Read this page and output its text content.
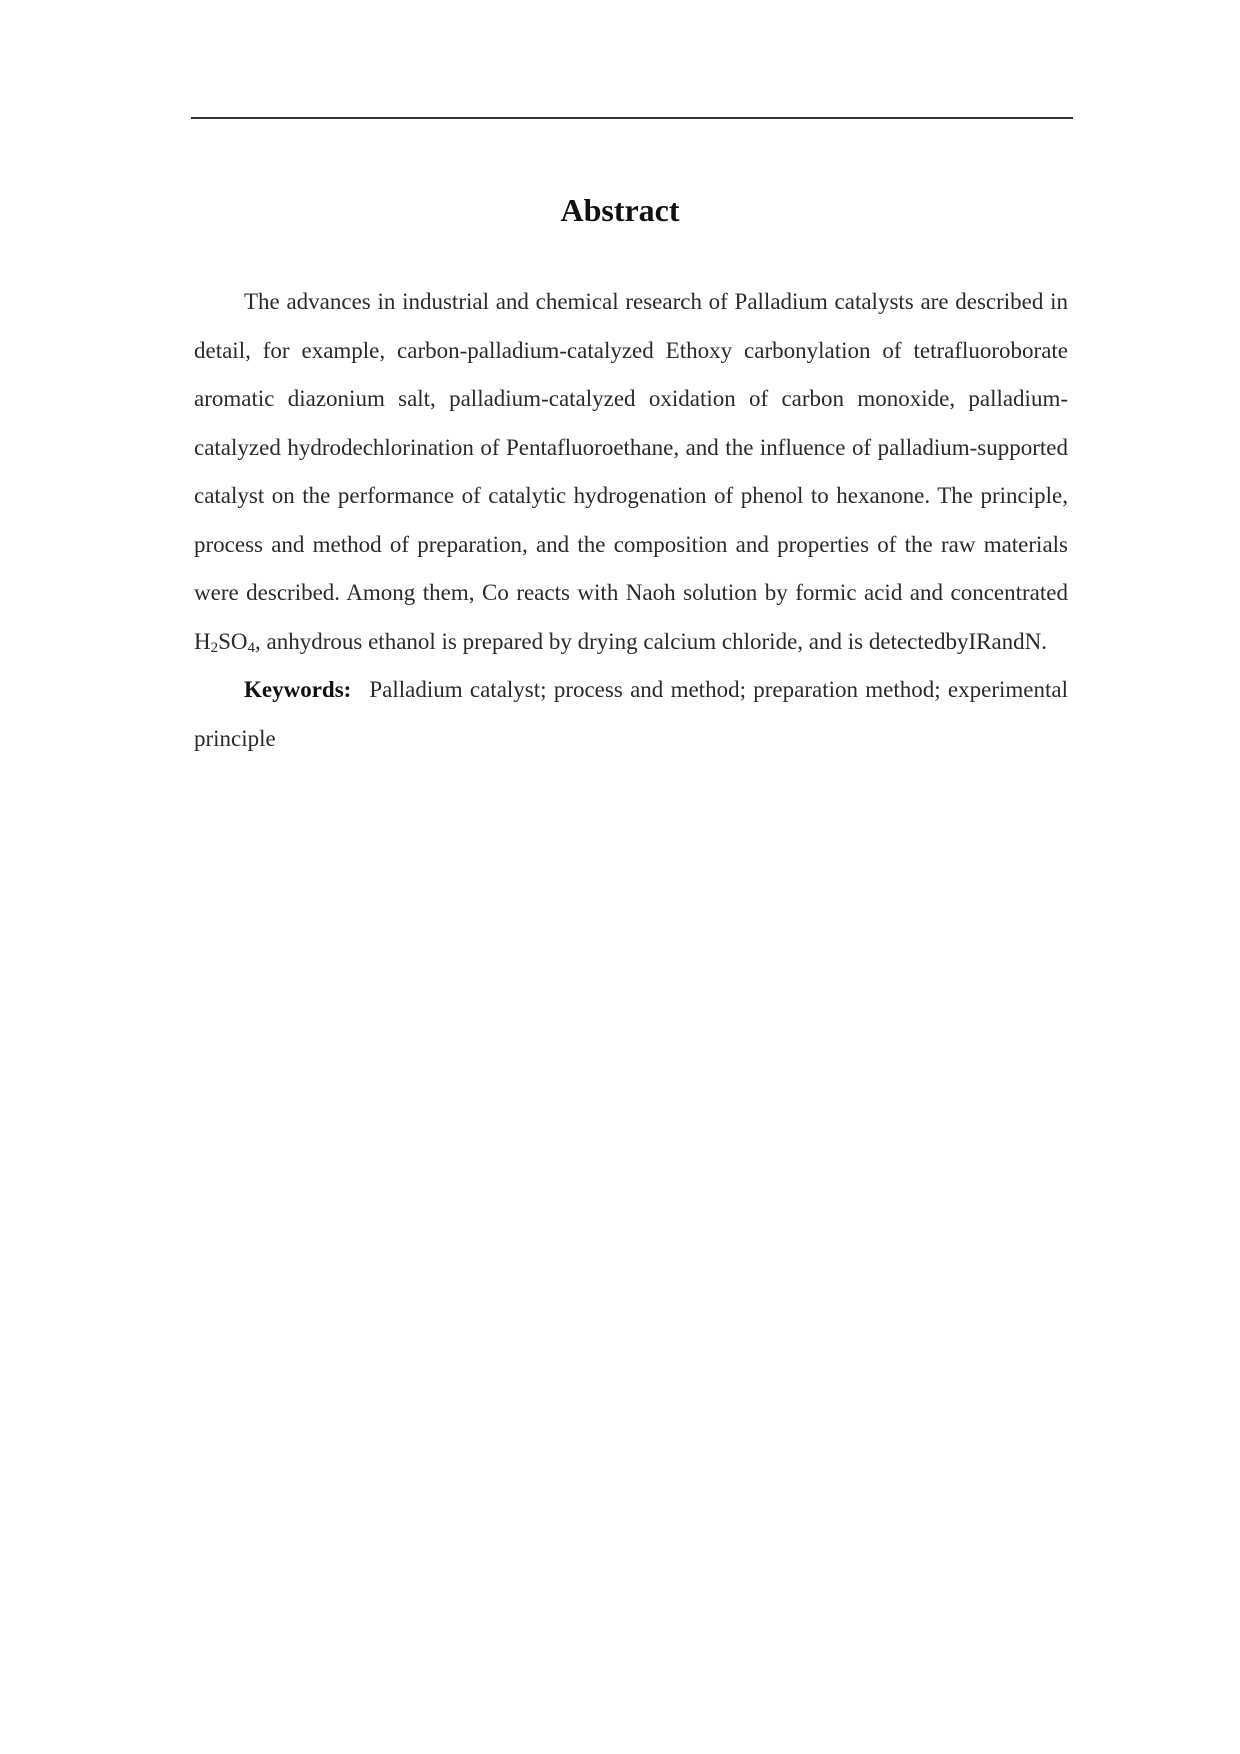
Abstract

The advances in industrial and chemical research of Palladium catalysts are described in detail, for example, carbon-palladium-catalyzed Ethoxy carbonylation of tetrafluoroborate aromatic diazonium salt, palladium-catalyzed oxidation of carbon monoxide, palladium-catalyzed hydrodechlorination of Pentafluoroethane, and the influence of palladium-supported catalyst on the performance of catalytic hydrogenation of phenol to hexanone. The principle, process and method of preparation, and the composition and properties of the raw materials were described. Among them, Co reacts with Naoh solution by formic acid and concentrated $H_2SO_4$, anhydrous ethanol is prepared by drying calcium chloride, and is detectedbyIRandN.

Keywords: Palladium catalyst; process and method; preparation method; experimental principle
